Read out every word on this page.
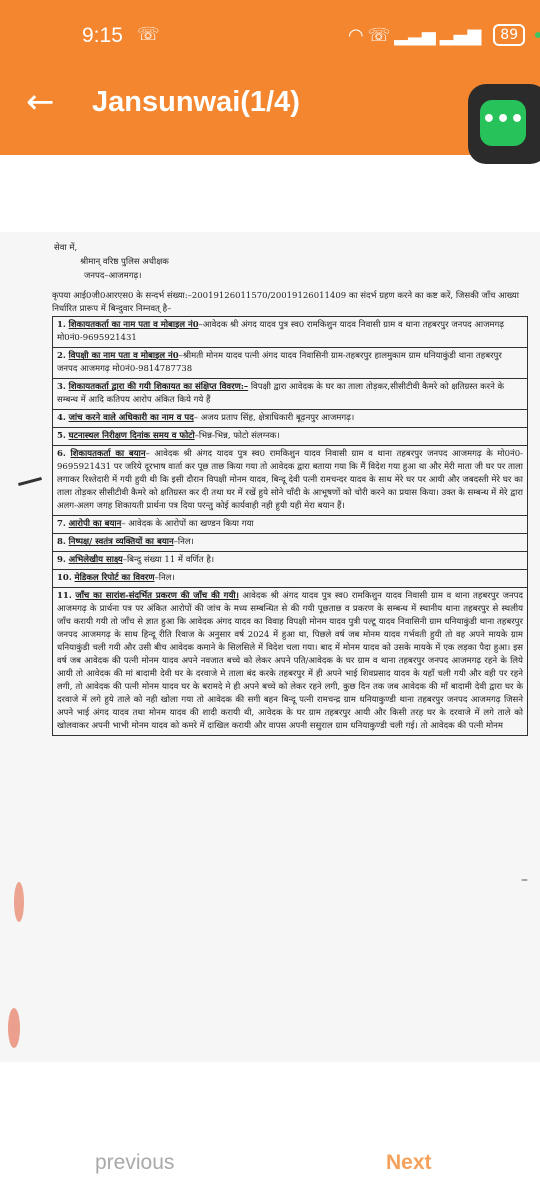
9:15 ☏	◠ ☏ ▂▃▅ ▂▄▆	89
← Jansunwai(1/4)
•••
–
सेवा में,
श्रीमान् वरिष्ठ पुलिस अधीक्षक
जनपद–आजमगढ़।
कृपया आई0जी0आरएस0 के सन्दर्भ संख्या:–20019126011570/20019126011409 का संदर्भ ग्रहण करने का कष्ट करें, जिसकी जाँच आख्या निर्धारित प्रारूप में बिन्दुवार निम्नवत् है–
1. शिकायतकर्ता का नाम पता व मोबाइल नं0–आवेदक श्री अंगद यादव पुत्र स्व0 रामकिशुन यादव निवासी ग्राम व थाना तहबरपुर जनपद आजमगढ़ मो0नं0-9695921431
2. विपक्षी का नाम पता व मोबाइल नं0–श्रीमती मोनम यादव पत्नी अंगद यादव निवासिनी ग्राम-तहबरपुर हालमुकाम ग्राम धनियाकुंडी थाना तहबरपुर जनपद आजमगढ़ मो0नं0-9814787738
3. शिकायतकर्ता द्वारा की गयी शिकायत का संक्षिप्त विवरण:– विपक्षी द्वारा आवेदक के घर का ताला तोड़कर,सीसीटीवी कैमरे को क्षतिग्रस्त करने के सम्बन्ध में आदि कतिपय आरोप अंकित किये गये हैं
4. जांच करने वाले अधिकारी का नाम व पद– अजय प्रताप सिंह, क्षेत्राधिकारी बूढ़नपुर आजमगढ़।
5. घटनास्थल निरीक्षण दिनांक समय व फोटो–भिन्न-भिन्न, फोटो संलग्नक।
6. शिकायतकर्ता का बयान– आवेदक श्री अंगद यादव पुत्र स्व0 रामकिशुन यादव निवासी ग्राम व थाना तहबरपुर जनपद आजमगढ़ के मो0नं0-9695921431 पर जरिये दूरभाष वार्ता कर पूछ ताछ किया गया तो आवेदक द्वारा बताया गया कि मैं विदेश गया हुआ था और मेरी माता जी घर पर ताला लगाकर रिश्तेदारी में गयी हुयी थी कि इसी दौरान विपक्षी मोनम यादव, बिन्दू देवी पत्नी रामचन्दर यादव के साथ मेरे घर पर आयी और जबदस्ती मेरे घर का ताला तोड़कर सीसीटीवी कैमरे को क्षतिग्रस्त कर दी तथा घर में रखें हुये सोने चाँदी के आभूषणों को चोरी करने का प्रयास किया। उक्त के सम्बन्ध में मेरे द्वारा अलग-अलग जगह शिकायती प्रार्थना पत्र दिया परन्तु कोई कार्यवाही नही हुयी यही मेरा बयान हैं।
7. आरोपी का बयान– आवेदक के आरोपों का खण्डन किया गया
8. निष्पक्ष/ स्वतंत्र व्यक्तियों का बयान–निल।
9. अभिलेखीय साक्ष्य–बिन्दु संख्या 11 में वर्णित है।
10. मेडिकल रिपोर्ट का विवरण–निल।
11. जाँच का सारांश-संदर्भित प्रकरण की जाँच की गयी। आवेदक श्री अंगद यादव पुत्र स्व0 रामकिशुन यादव निवासी ग्राम व थाना तहबरपुर जनपद आजमगढ़ के प्रार्थना पत्र पर अंकित आरोपों की जांच के मध्य सम्बन्धित से की गयी पूछताछ व प्रकरण के सम्बन्ध में स्थानीय थाना तहबरपुर से स्थलीय जाँच करायी गयी तो जाँच से ज्ञात हुआ कि आवेदक अंगद यादव का विवाह विपक्षी मोनम यादव पुत्री पल्टू यादव निवासिनी ग्राम धनियाकुंडी थाना तहबरपुर जनपद आजमगढ़ के साथ हिन्दू रीति रिवाज के अनुसार वर्ष 2024 में हुआ था, पिछले वर्ष जब मोनम यादव गर्भवती हुयी तो वह अपने मायके ग्राम धनियाकुंडी चली गयी और उसी बीच आवेदक कमाने के सिलसिले में विदेश चला गया। बाद में मोनम यादव को उसके मायके में एक लड़का पैदा हुआ। इस वर्ष जब आवेदक की पत्नी मोनम यादव अपने नवजात बच्चे को लेकर अपने पति/आवेदक के घर ग्राम व थाना तहबरपुर जनपद आजमगढ़ रहने के लिये आयी तो आवेदक की मां बादामी देवी घर के दरवाजे मे ताला बंद करके तहबरपुर में ही अपने भाई शिवप्रसाद यादव के यहाँ चली गयी और वही पर रहने लगी, तो आवेदक की पत्नी मोनम यादव घर के बरामदे मे ही अपने बच्चे को लेकर रहने लगी, कुछ दिन तक जब आवेदक की माँ बादामी देवी द्वारा घर के दरवाजे में लगे हुये ताले को नही खोला गया तो आवेदक की सगी बहन बिन्दू पत्नी रामचन्द्र ग्राम धनियाकुण्डी थाना तहबरपुर जनपद आजमगढ़ जिसने अपने भाई अंगद यादव तथा मोनम यादव की शादी करायी थी, आवेदक के घर ग्राम तहबरपुर आयी और किसी तरह घर के दरवाजे में लगे ताले को खोलवाकर अपनी भाभी मोनम यादव को कमरे में दाखिल करायी और वापस अपनी ससुराल ग्राम धनियाकुण्डी चली गई। तो आवेदक की पत्नी मोनम
previous	Next
